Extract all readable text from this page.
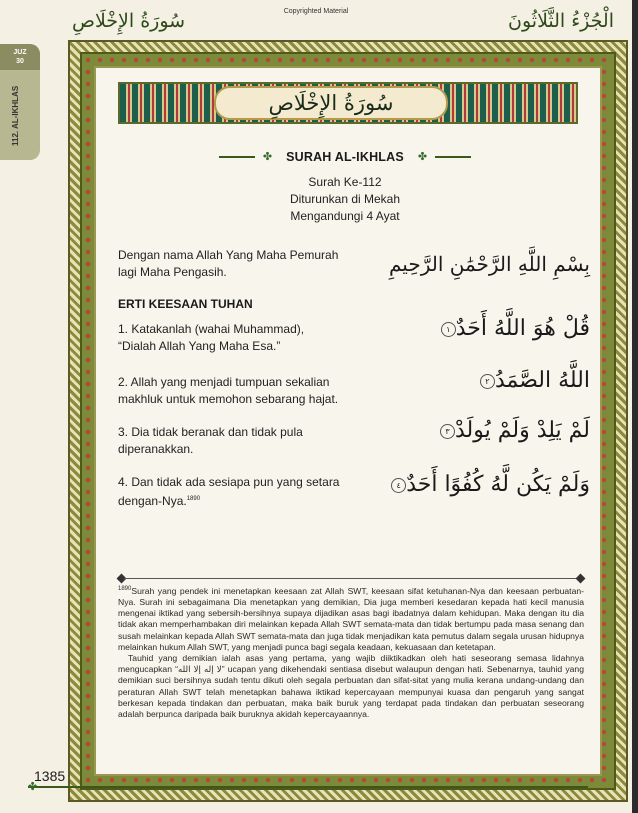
Copyrighted Material
سُورَةُ الإِخْلَاصِ	الْجُزْءُ الثَّلَاثُونَ
JUZ
30
112. AL-IKHLAS	سُورَةُ الإِخْلَاصِ
✤	SURAH AL-IKHLAS	✤
Surah Ke-112
Diturunkan di Mekah
Mengandungi 4 Ayat
Dengan nama Allah Yang Maha Pemurah lagi Maha Pengasih.	بِسْمِ اللَّهِ الرَّحْمَٰنِ الرَّحِيمِ
ERTI KEESAAN TUHAN
1. Katakanlah (wahai Muhammad), “Dialah Allah Yang Maha Esa.”
قُلْ هُوَ اللَّهُ أَحَدٌ١
2. Allah yang menjadi tumpuan sekalian makhluk untuk memohon sebarang hajat.
اللَّهُ الصَّمَدُ٢
3. Dia tidak beranak dan tidak pula diperanakkan.
لَمْ يَلِدْ وَلَمْ يُولَدْ٣
4. Dan tidak ada sesiapa pun yang setara dengan-Nya.$^{1890}$
وَلَمْ يَكُن لَّهُ كُفُوًا أَحَدٌ٤

$^{1890}$Surah yang pendek ini menetapkan keesaan zat Allah SWT, keesaan sifat ketuhanan-Nya dan keesaan perbuatan-Nya. Surah ini sebagaimana Dia menetapkan yang demikian, Dia juga memberi kesedaran kepada hati kecil manusia mengenai iktikad yang sebersih-bersihnya supaya dijadikan asas bagi ibadatnya dalam kehidupan. Maka dengan itu dia tidak akan memperhambakan diri melainkan kepada Allah SWT semata-mata dan tidak bertumpu pada masa senang dan susah melainkan kepada Allah SWT semata-mata dan juga tidak menjadikan kata pemutus dalam segala urusan hidupnya melainkan hukum Allah SWT, yang menjadi punca bagi segala keadaan, kekuasaan dan ketetapan.

Tauhid yang demikian ialah asas yang pertama, yang wajib diiktikadkan oleh hati seseorang semasa lidahnya mengucapkan “لا إله إلا الله” ucapan yang dikehendaki sentiasa disebut walaupun dengan hati. Sebenarnya, tauhid yang demikian suci bersihnya sudah tentu dikuti oleh segala perbuatan dan sifat-sitat yang mulia kerana undang-undang dan peraturan Allah SWT telah menetapkan bahawa iktikad kepercayaan mempunyai kuasa dan pengaruh yang sangat berkesan kepada tindakan dan perbuatan, maka baik buruk yang terdapat pada tindakan dan perbuatan seseorang adalah berpunca daripada baik buruknya akidah kepercayaannya.

1385
✤
